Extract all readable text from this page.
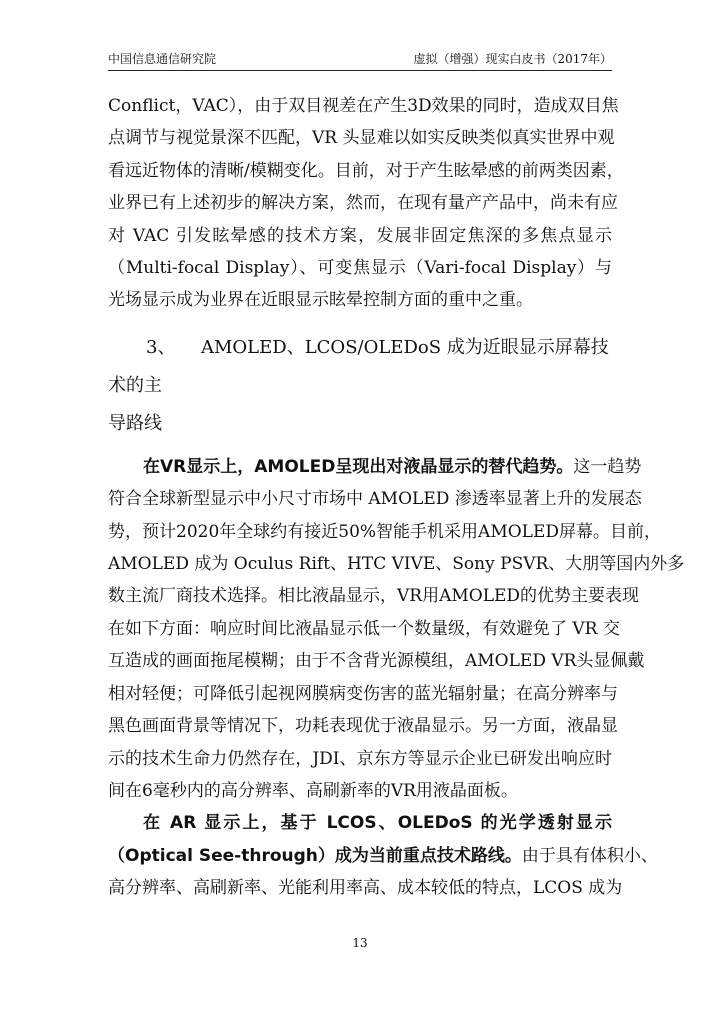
中国信息通信研究院	虚拟（增强）现实白皮书（2017年）

Conflict，VAC），由于双目视差在产生3D效果的同时，造成双目焦

点调节与视觉景深不匹配，VR 头显难以如实反映类似真实世界中观

看远近物体的清晰/模糊变化。目前，对于产生眩晕感的前两类因素，

业界已有上述初步的解决方案，然而，在现有量产产品中，尚未有应

对 VAC 引发眩晕感的技术方案，发展非固定焦深的多焦点显示

（Multi-focal Display）、可变焦显示（Vari-focal Display）与

光场显示成为业界在近眼显示眩晕控制方面的重中之重。

3、 AMOLED、LCOS/OLEDoS 成为近眼显示屏幕技术的主
导路线

在VR显示上，AMOLED呈现出对液晶显示的替代趋势。这一趋势

符合全球新型显示中小尺寸市场中 AMOLED 渗透率显著上升的发展态

势，预计2020年全球约有接近50%智能手机采用AMOLED屏幕。目前，

AMOLED 成为 Oculus Rift、HTC VIVE、Sony PSVR、大朋等国内外多

数主流厂商技术选择。相比液晶显示，VR用AMOLED的优势主要表现

在如下方面：响应时间比液晶显示低一个数量级，有效避免了 VR 交

互造成的画面拖尾模糊；由于不含背光源模组，AMOLED VR头显佩戴

相对轻便；可降低引起视网膜病变伤害的蓝光辐射量；在高分辨率与

黑色画面背景等情况下，功耗表现优于液晶显示。另一方面，液晶显

示的技术生命力仍然存在，JDI、京东方等显示企业已研发出响应时

间在6毫秒内的高分辨率、高刷新率的VR用液晶面板。

在 AR 显示上，基于 LCOS、OLEDoS 的光学透射显示

（Optical See-through）成为当前重点技术路线。由于具有体积小、

高分辨率、高刷新率、光能利用率高、成本较低的特点，LCOS 成为

13
